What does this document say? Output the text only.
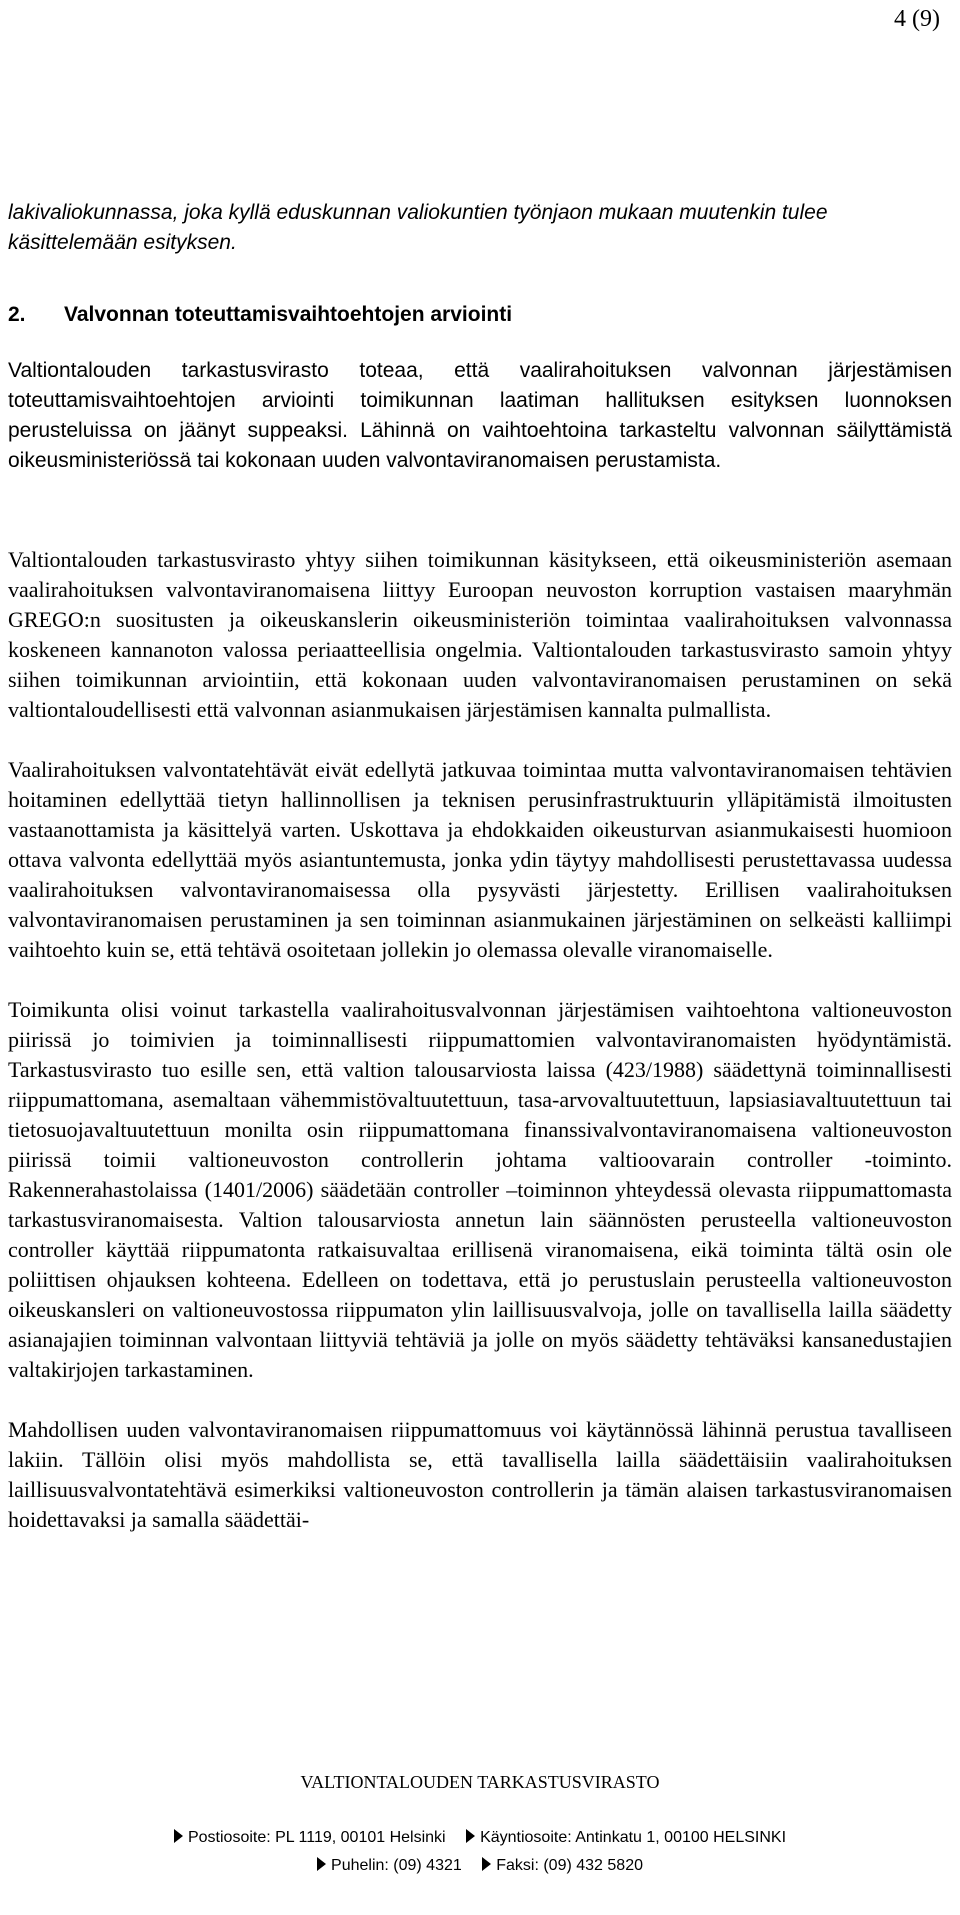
4 (9)

lakivaliokunnassa, joka kyllä eduskunnan valiokuntien työnjaon mukaan muutenkin tulee käsittelemään esityksen.

2. Valvonnan toteuttamisvaihtoehtojen arviointi

Valtiontalouden tarkastusvirasto toteaa, että vaalirahoituksen valvonnan järjestämisen toteuttamisvaihtoehtojen arviointi toimikunnan laatiman hallituksen esityksen luonnoksen perusteluissa on jäänyt suppeaksi. Lähinnä on vaihtoehtoina tarkasteltu valvonnan säilyttämistä oikeusministeriössä tai kokonaan uuden valvontaviranomaisen perustamista.

Valtiontalouden tarkastusvirasto yhtyy siihen toimikunnan käsitykseen, että oikeusministeriön asemaan vaalirahoituksen valvontaviranomaisena liittyy Euroopan neuvoston korruption vastaisen maaryhmän GREGO:n suositusten ja oikeuskanslerin oikeusministeriön toimintaa vaalirahoituksen valvonnassa koskeneen kannanoton valossa periaatteellisia ongelmia. Valtiontalouden tarkastusvirasto samoin yhtyy siihen toimikunnan arviointiin, että kokonaan uuden valvontaviranomaisen perustaminen on sekä valtiontaloudellisesti että valvonnan asianmukaisen järjestämisen kannalta pulmallista.

Vaalirahoituksen valvontatehtävät eivät edellytä jatkuvaa toimintaa mutta valvontaviranomaisen tehtävien hoitaminen edellyttää tietyn hallinnollisen ja teknisen perusinfrastruktuurin ylläpitämistä ilmoitusten vastaanottamista ja käsittelyä varten. Uskottava ja ehdokkaiden oikeusturvan asianmukaisesti huomioon ottava valvonta edellyttää myös asiantuntemusta, jonka ydin täytyy mahdollisesti perustettavassa uudessa vaalirahoituksen valvontaviranomaisessa olla pysyvästi järjestetty. Erillisen vaalirahoituksen valvontaviranomaisen perustaminen ja sen toiminnan asianmukainen järjestäminen on selkeästi kalliimpi vaihtoehto kuin se, että tehtävä osoitetaan jollekin jo olemassa olevalle viranomaiselle.

Toimikunta olisi voinut tarkastella vaalirahoitusvalvonnan järjestämisen vaihtoehtona valtioneuvoston piirissä jo toimivien ja toiminnallisesti riippumattomien valvontaviranomaisten hyödyntämistä. Tarkastusvirasto tuo esille sen, että valtion talousarviosta laissa (423/1988) säädettynä toiminnallisesti riippumattomana, asemaltaan vähemmistövaltuutettuun, tasa-arvovaltuutettuun, lapsiasiavaltuutettuun tai tietosuojavaltuutettuun monilta osin riippumattomana finanssivalvontaviranomaisena valtioneuvoston piirissä toimii valtioneuvoston controllerin johtama valtioovarain controller -toiminto. Rakennerahastolaissa (1401/2006) säädetään controller –toiminnon yhteydessä olevasta riippumattomasta tarkastusviranomaisesta. Valtion talousarviosta annetun lain säännösten perusteella valtioneuvoston controller käyttää riippumatonta ratkaisuvaltaa erillisenä viranomaisena, eikä toiminta tältä osin ole poliittisen ohjauksen kohteena. Edelleen on todettava, että jo perustuslain perusteella valtioneuvoston oikeuskansleri on valtioneuvostossa riippumaton ylin laillisuusvalvoja, jolle on tavallisella lailla säädetty asianajajien toiminnan valvontaan liittyviä tehtäviä ja jolle on myös säädetty tehtäväksi kansanedustajien valtakirjojen tarkastaminen.

Mahdollisen uuden valvontaviranomaisen riippumattomuus voi käytännössä lähinnä perustua tavalliseen lakiin. Tällöin olisi myös mahdollista se, että tavallisella lailla säädettäisiin vaalirahoituksen laillisuusvalvontatehtävä esimerkiksi valtioneuvoston controllerin ja tämän alaisen tarkastusviranomaisen hoidettavaksi ja samalla säädettäi-

VALTIONTALOUDEN TARKASTUSVIRASTO
Postiosoite: PL 1119, 00101 Helsinki Käyntiosoite: Antinkatu 1, 00100 HELSINKI
Puhelin: (09) 4321 Faksi: (09) 432 5820
